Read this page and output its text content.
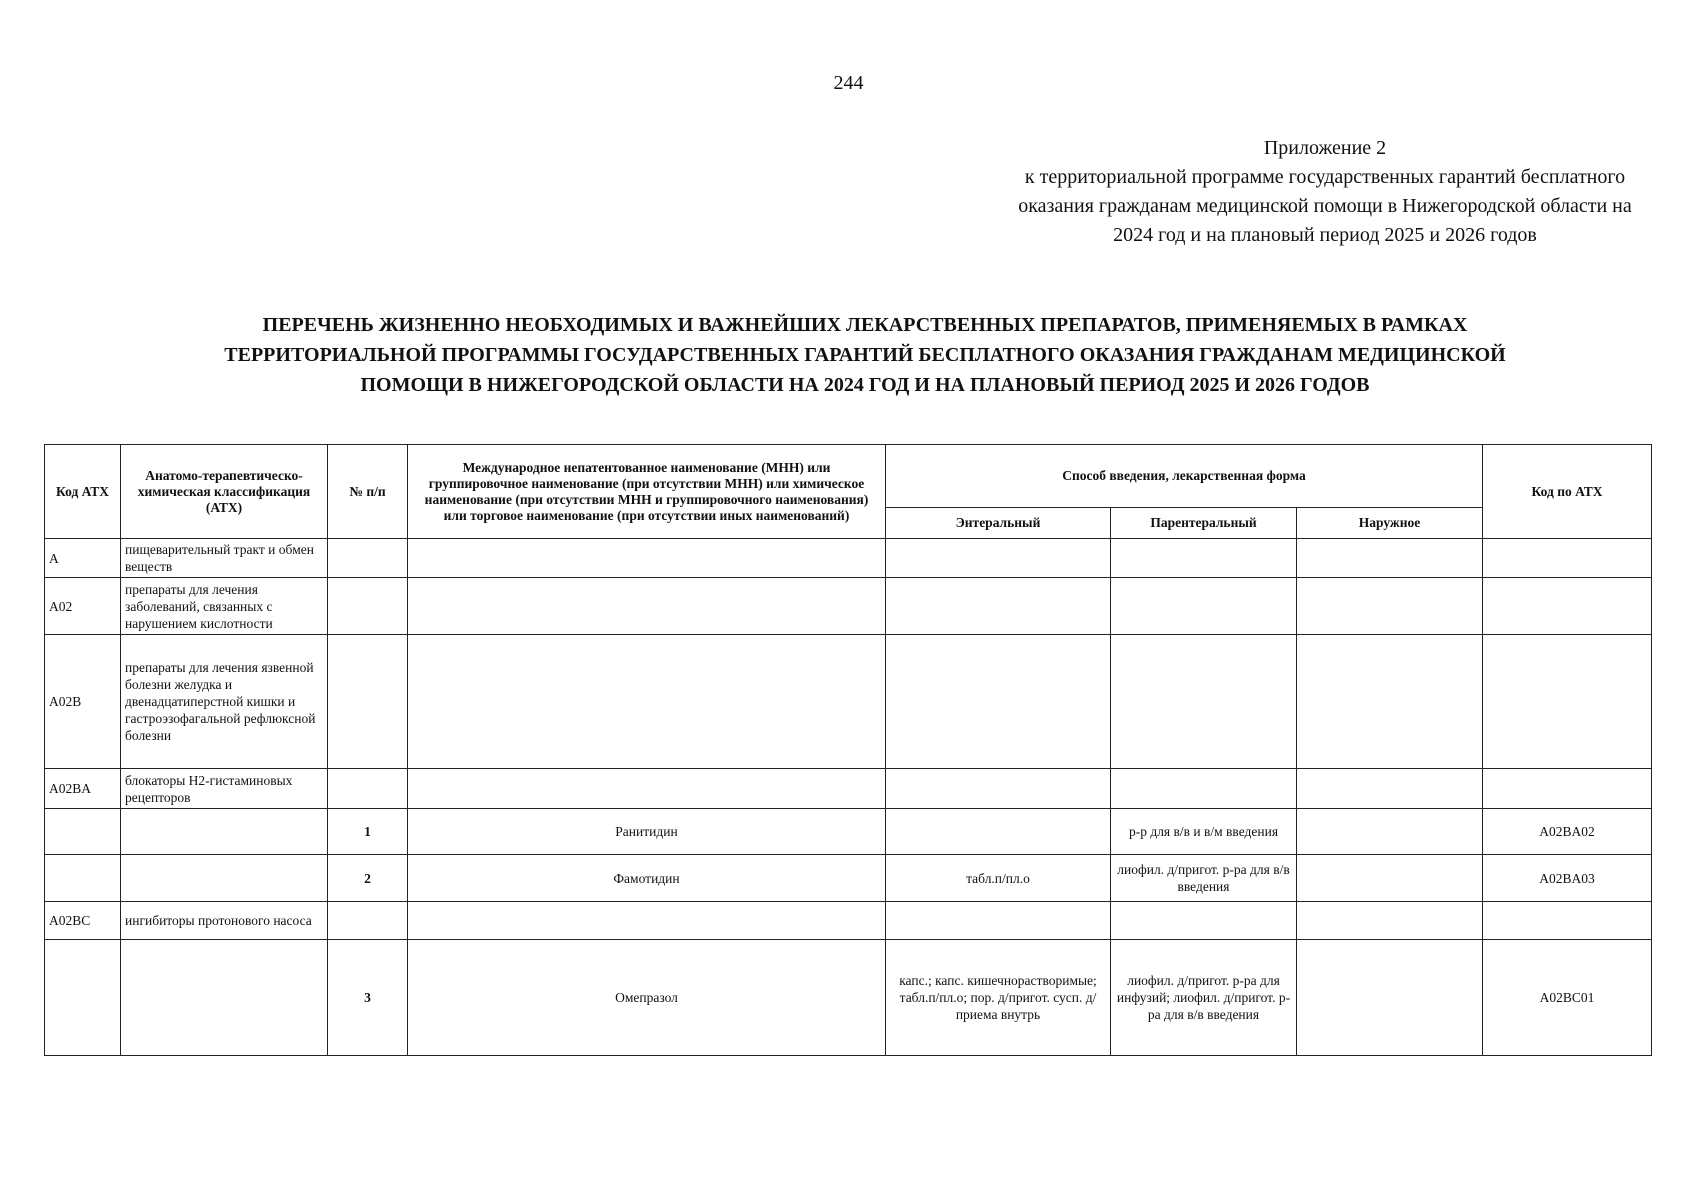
244
Приложение 2
к территориальной программе государственных гарантий бесплатного
оказания гражданам медицинской помощи в Нижегородской области на
2024 год и на плановый период 2025 и 2026 годов
ПЕРЕЧЕНЬ ЖИЗНЕННО НЕОБХОДИМЫХ И ВАЖНЕЙШИХ ЛЕКАРСТВЕННЫХ ПРЕПАРАТОВ, ПРИМЕНЯЕМЫХ В РАМКАХ
ТЕРРИТОРИАЛЬНОЙ ПРОГРАММЫ ГОСУДАРСТВЕННЫХ ГАРАНТИЙ БЕСПЛАТНОГО ОКАЗАНИЯ ГРАЖДАНАМ МЕДИЦИНСКОЙ
ПОМОЩИ В НИЖЕГОРОДСКОЙ ОБЛАСТИ НА 2024 ГОД И НА ПЛАНОВЫЙ ПЕРИОД 2025 И 2026 ГОДОВ
Код АТХ	Анатомо-терапевтическо-химическая классификация (АТХ)	№ п/п	Международное непатентованное наименование (МНН) или группировочное наименование (при отсутствии МНН) или химическое наименование (при отсутствии МНН и группировочного наименования) или торговое наименование (при отсутствии иных наименований)	Способ введения, лекарственная форма			Код по АТХ
				Энтеральный	Парентеральный	Наружное	
A	пищеварительный тракт и обмен веществ						
A02	препараты для лечения заболеваний, связанных с нарушением кислотности						
A02B	препараты для лечения язвенной болезни желудка и двенадцатиперстной кишки и гастроэзофагальной рефлюксной болезни						
A02BA	блокаторы H2-гистаминовых рецепторов						
		1	Ранитидин		р-р для в/в и в/м введения		A02BA02
		2	Фамотидин	табл.п/пл.о	лиофил. д/пригот. р-ра для в/в введения		A02BA03
A02BC	ингибиторы протонового насоса						
		3	Омепразол	капс.; капс. кишечнорастворимые; табл.п/пл.о; пор. д/пригот. сусп. д/приема внутрь	лиофил. д/пригот. р-ра для инфузий; лиофил. д/пригот. р-ра для в/в введения		A02BC01
